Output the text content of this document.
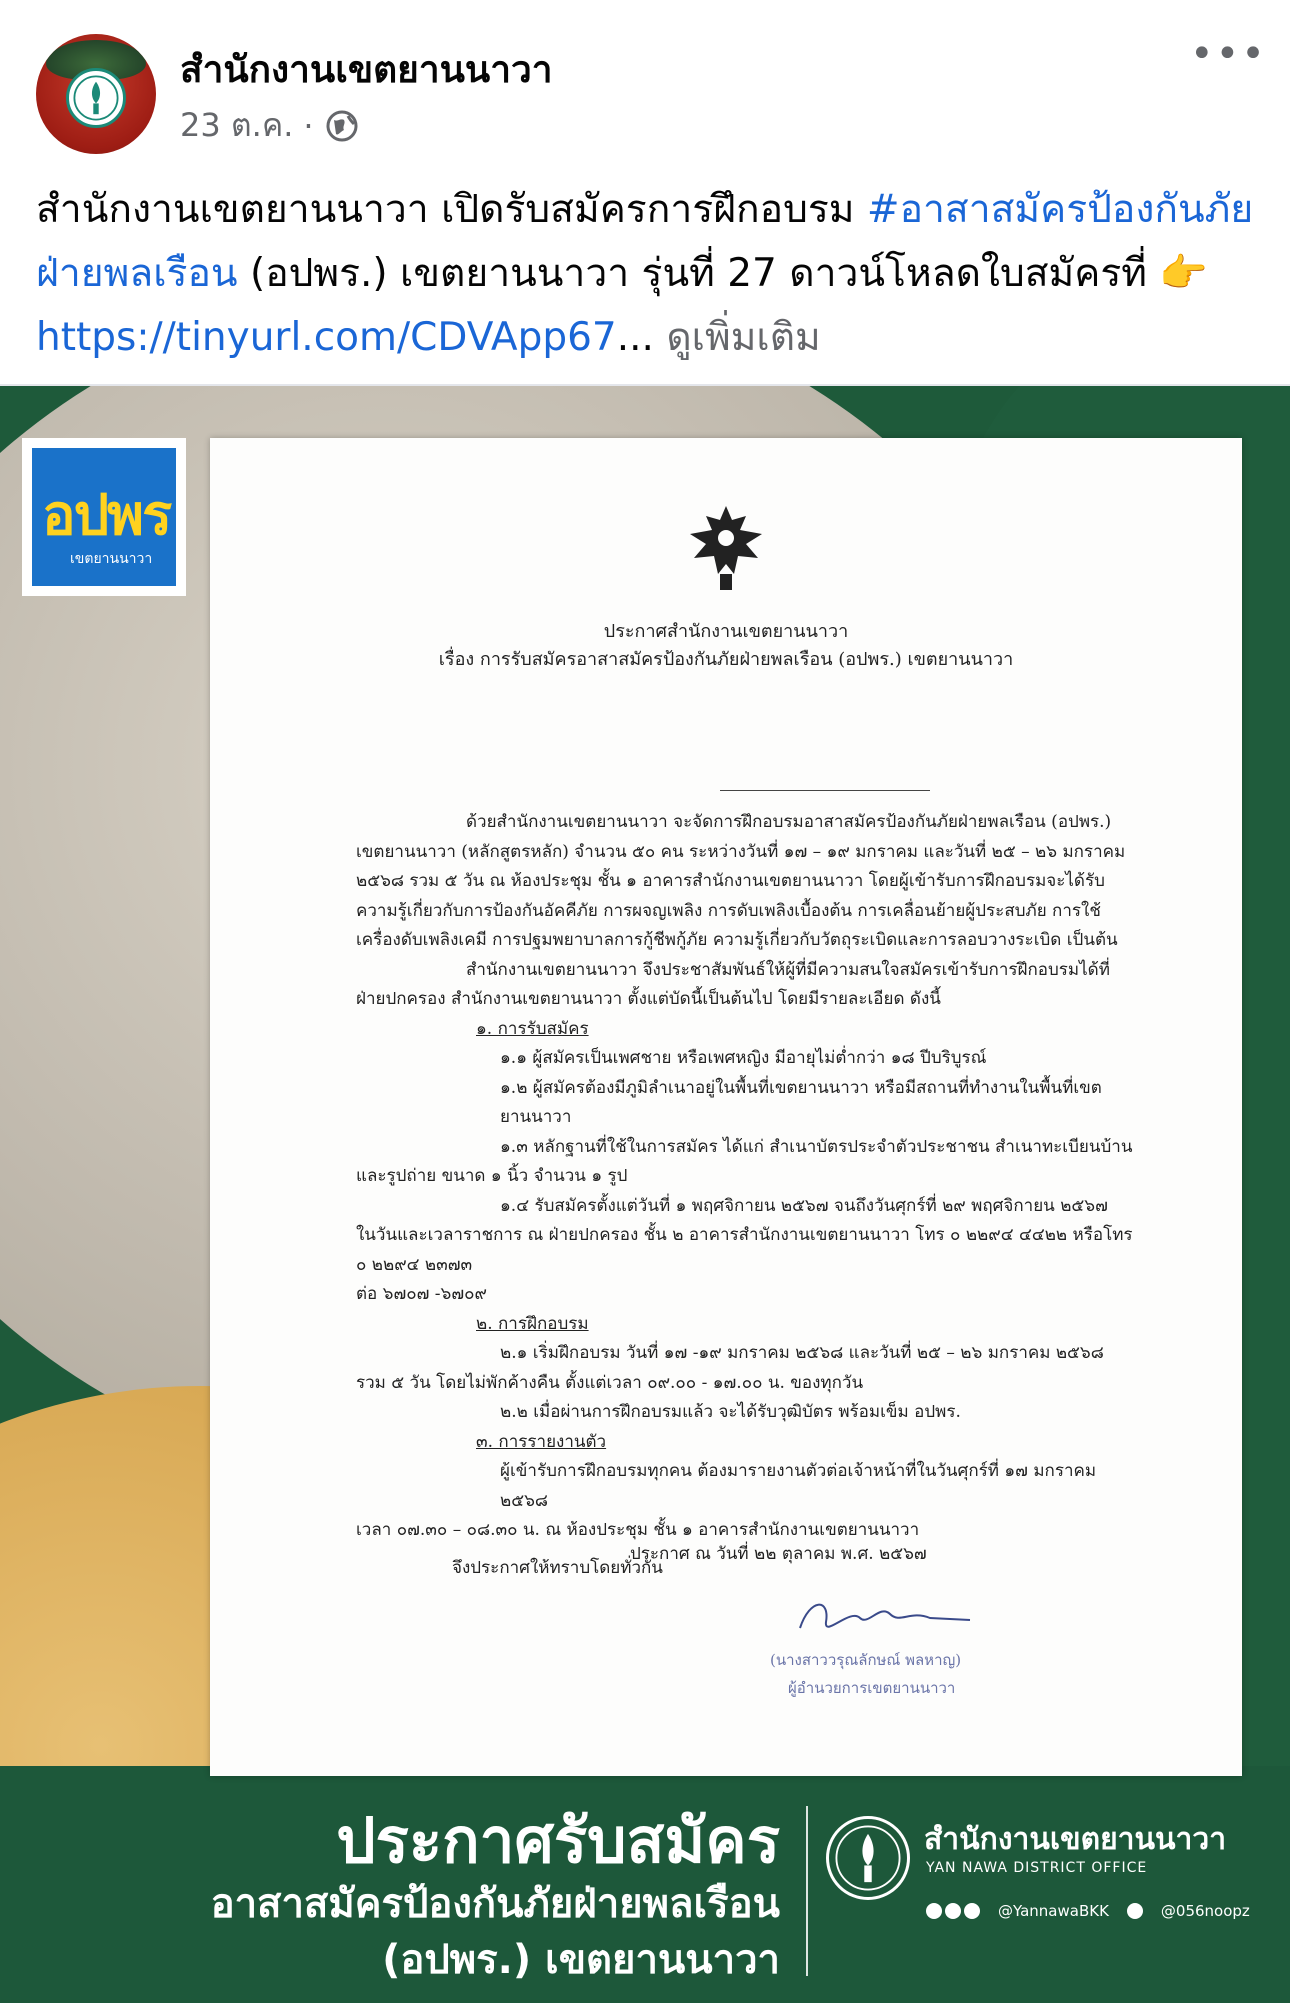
สำนักงานเขตยานนาวา
23 ต.ค. ·
•••
สำนักงานเขตยานนาวา เปิดรับสมัครการฝึกอบรม #อาสาสมัครป้องกันภัยฝ่ายพลเรือน (อปพร.) เขตยานนาวา รุ่นที่ 27 ดาวน์โหลดใบสมัครที่ 👉 https://tinyurl.com/CDVApp67... ดูเพิ่มเติม
อปพร
เขตยานนาวา
ประกาศสำนักงานเขตยานนาวา
เรื่อง การรับสมัครอาสาสมัครป้องกันภัยฝ่ายพลเรือน (อปพร.) เขตยานนาวา

ด้วยสำนักงานเขตยานนาวา จะจัดการฝึกอบรมอาสาสมัครป้องกันภัยฝ่ายพลเรือน (อปพร.) เขตยานนาวา (หลักสูตรหลัก) จำนวน ๕๐ คน ระหว่างวันที่ ๑๗ – ๑๙ มกราคม และวันที่ ๒๕ – ๒๖ มกราคม ๒๕๖๘ รวม ๕ วัน ณ ห้องประชุม ชั้น ๑ อาคารสำนักงานเขตยานนาวา โดยผู้เข้ารับการฝึกอบรมจะได้รับความรู้เกี่ยวกับการป้องกันอัคคีภัย การผจญเพลิง การดับเพลิงเบื้องต้น การเคลื่อนย้ายผู้ประสบภัย การใช้เครื่องดับเพลิงเคมี การปฐมพยาบาลการกู้ชีพกู้ภัย ความรู้เกี่ยวกับวัตถุระเบิดและการลอบวางระเบิด เป็นต้น

สำนักงานเขตยานนาวา จึงประชาสัมพันธ์ให้ผู้ที่มีความสนใจสมัครเข้ารับการฝึกอบรมได้ที่ ฝ่ายปกครอง สำนักงานเขตยานนาวา ตั้งแต่บัดนี้เป็นต้นไป โดยมีรายละเอียด ดังนี้

๑. การรับสมัคร

๑.๑ ผู้สมัครเป็นเพศชาย หรือเพศหญิง มีอายุไม่ต่ำกว่า ๑๘ ปีบริบูรณ์

๑.๒ ผู้สมัครต้องมีภูมิลำเนาอยู่ในพื้นที่เขตยานนาวา หรือมีสถานที่ทำงานในพื้นที่เขตยานนาวา

๑.๓ หลักฐานที่ใช้ในการสมัคร ได้แก่ สำเนาบัตรประจำตัวประชาชน สำเนาทะเบียนบ้าน

และรูปถ่าย ขนาด ๑ นิ้ว จำนวน ๑ รูป

๑.๔ รับสมัครตั้งแต่วันที่ ๑ พฤศจิกายน ๒๕๖๗ จนถึงวันศุกร์ที่ ๒๙ พฤศจิกายน ๒๕๖๗

ในวันและเวลาราชการ ณ ฝ่ายปกครอง ชั้น ๒ อาคารสำนักงานเขตยานนาวา โทร ๐ ๒๒๙๔ ๔๔๒๒ หรือโทร ๐ ๒๒๙๔ ๒๓๗๓

ต่อ ๖๗๐๗ -๖๗๐๙

๒. การฝึกอบรม

๒.๑ เริ่มฝึกอบรม วันที่ ๑๗ -๑๙ มกราคม ๒๕๖๘ และวันที่ ๒๕ – ๒๖ มกราคม ๒๕๖๘

รวม ๕ วัน โดยไม่พักค้างคืน ตั้งแต่เวลา ๐๙.๐๐ - ๑๗.๐๐ น. ของทุกวัน

๒.๒ เมื่อผ่านการฝึกอบรมแล้ว จะได้รับวุฒิบัตร พร้อมเข็ม อปพร.

๓. การรายงานตัว

ผู้เข้ารับการฝึกอบรมทุกคน ต้องมารายงานตัวต่อเจ้าหน้าที่ในวันศุกร์ที่ ๑๗ มกราคม ๒๕๖๘

เวลา ๐๗.๓๐ – ๐๘.๓๐ น. ณ ห้องประชุม ชั้น ๑ อาคารสำนักงานเขตยานนาวา

จึงประกาศให้ทราบโดยทั่วกัน

ประกาศ ณ วันที่ ๒๒ ตุลาคม พ.ศ. ๒๕๖๗
(นางสาววรุณลักษณ์ พลหาญ)
ผู้อำนวยการเขตยานนาวา
ประกาศรับสมัคร
อาสาสมัครป้องกันภัยฝ่ายพลเรือน
(อปพร.) เขตยานนาวา
สำนักงานเขตยานนาวา
YAN NAWA DISTRICT OFFICE
@YannawaBKK	@056noopz
